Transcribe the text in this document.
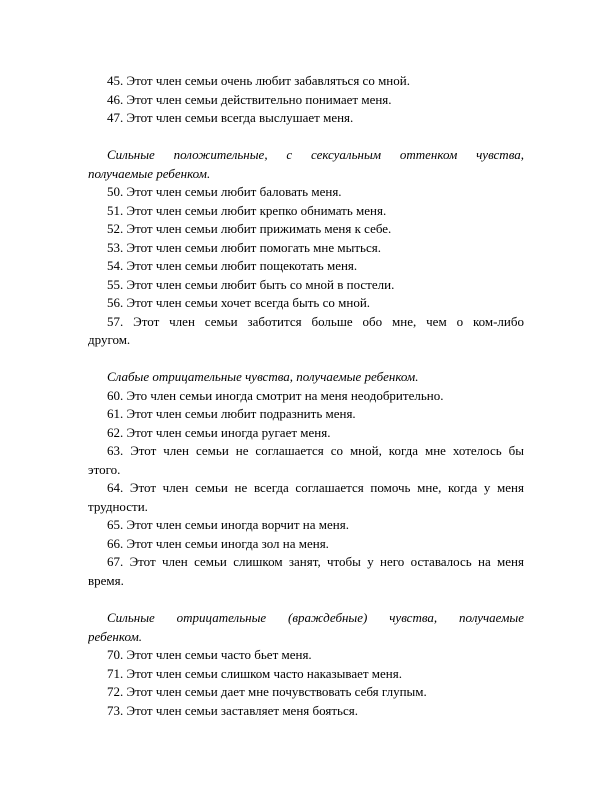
45. Этот член семьи очень любит забавляться со мной.
46. Этот член семьи действительно понимает меня.
47. Этот член семьи всегда выслушает меня.
Сильные положительные, с сексуальным оттенком чувства,
получаемые ребенком.
50. Этот член семьи любит баловать меня.
51. Этот член семьи любит крепко обнимать меня.
52. Этот член семьи любит прижимать меня к себе.
53. Этот член семьи любит помогать мне мыться.
54. Этот член семьи любит пощекотать меня.
55. Этот член семьи любит быть со мной в постели.
56. Этот член семьи хочет всегда быть со мной.
57. Этот член семьи заботится больше обо мне, чем о ком-либо
другом.
Слабые отрицательные чувства, получаемые ребенком.
60. Это член семьи иногда смотрит на меня неодобрительно.
61. Этот член семьи любит подразнить меня.
62. Этот член семьи иногда ругает меня.
63. Этот член семьи не соглашается со мной, когда мне хотелось бы
этого.
64. Этот член семьи не всегда соглашается помочь мне, когда у меня
трудности.
65. Этот член семьи иногда ворчит на меня.
66. Этот член семьи иногда зол на меня.
67. Этот член семьи слишком занят, чтобы у него оставалось на меня
время.
Сильные отрицательные (враждебные) чувства, получаемые
ребенком.
70. Этот член семьи часто бьет меня.
71. Этот член семьи слишком часто наказывает меня.
72. Этот член семьи дает мне почувствовать себя глупым.
73. Этот член семьи заставляет меня бояться.
